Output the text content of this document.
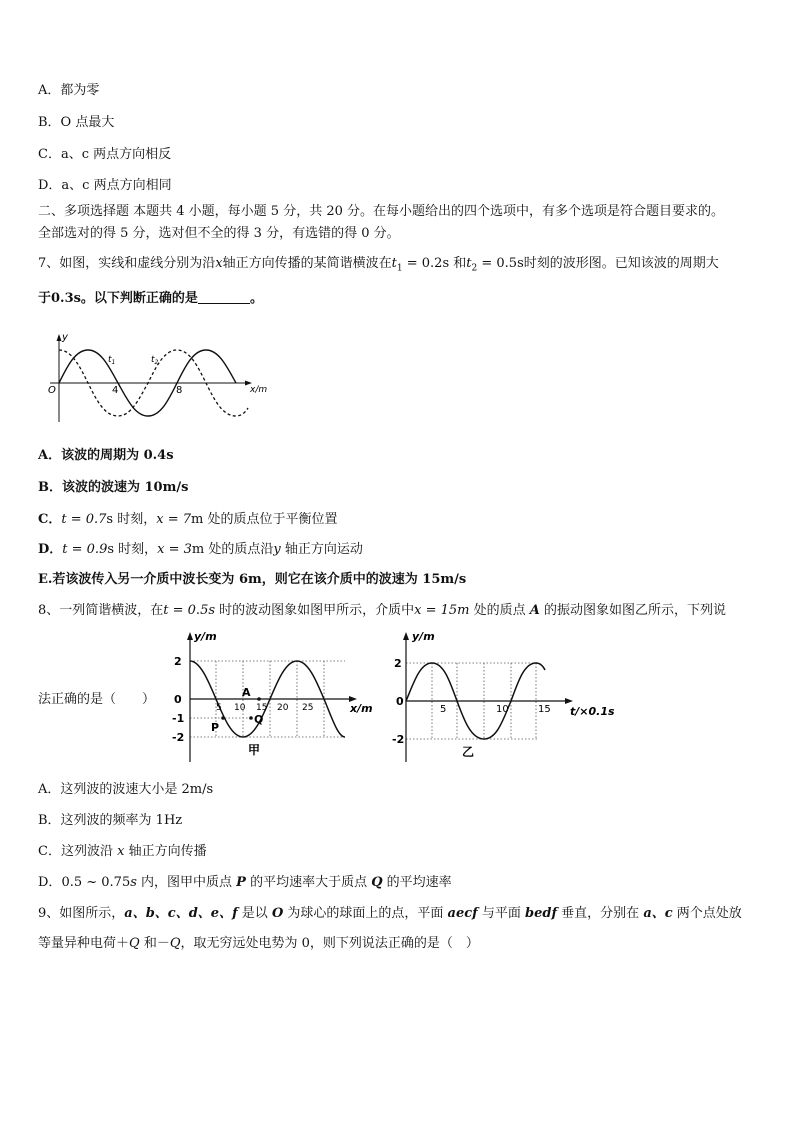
A．都为零
B．O 点最大
C．a、c 两点方向相反
D．a、c 两点方向相同
二、多项选择题 本题共 4 小题，每小题 5 分，共 20 分。在每小题给出的四个选项中，有多个选项是符合题目要求的。
全部选对的得 5 分，选对但不全的得 3 分，有选错的得 0 分。
7、如图，实线和虚线分别为沿x轴正方向传播的某简谐横波在$t_1 = 0.2s$ 和$t_2 = 0.5s$时刻的波形图。已知该波的周期大
于0.3s。以下判断正确的是	。
y
x/m
O	4	8
$t_1$	$t_2$
A．该波的周期为 0.4s
B．该波的波速为 10m/s
C．t = 0.7s 时刻，x = 7m 处的质点位于平衡位置
D．t = 0.9s 时刻，x = 3m 处的质点沿y 轴正方向运动
E.若该波传入另一介质中波长变为 6m，则它在该介质中的波速为 15m/s
8、一列简谐横波，在t = 0.5s 时的波动图象如图甲所示，介质中x = 15m 处的质点 A 的振动图象如图乙所示，下列说
法正确的是（　　）
y/m
x/m
2
0
-1
-2
5 10 15 20 25
A
Q
P
甲
y/m
t/×0.1s
2
0
-2
5	10	15
乙
A．这列波的波速大小是 2m/s
B．这列波的频率为 1Hz
C．这列波沿 x 轴正方向传播
D．0.5 ~ 0.75s 内，图甲中质点 P 的平均速率大于质点 Q 的平均速率
9、如图所示，a、b、c、d、e、f 是以 O 为球心的球面上的点，平面 aecf 与平面 bedf 垂直，分别在 a、c 两个点处放
等量异种电荷＋Q 和－Q，取无穷远处电势为 0，则下列说法正确的是（　）
